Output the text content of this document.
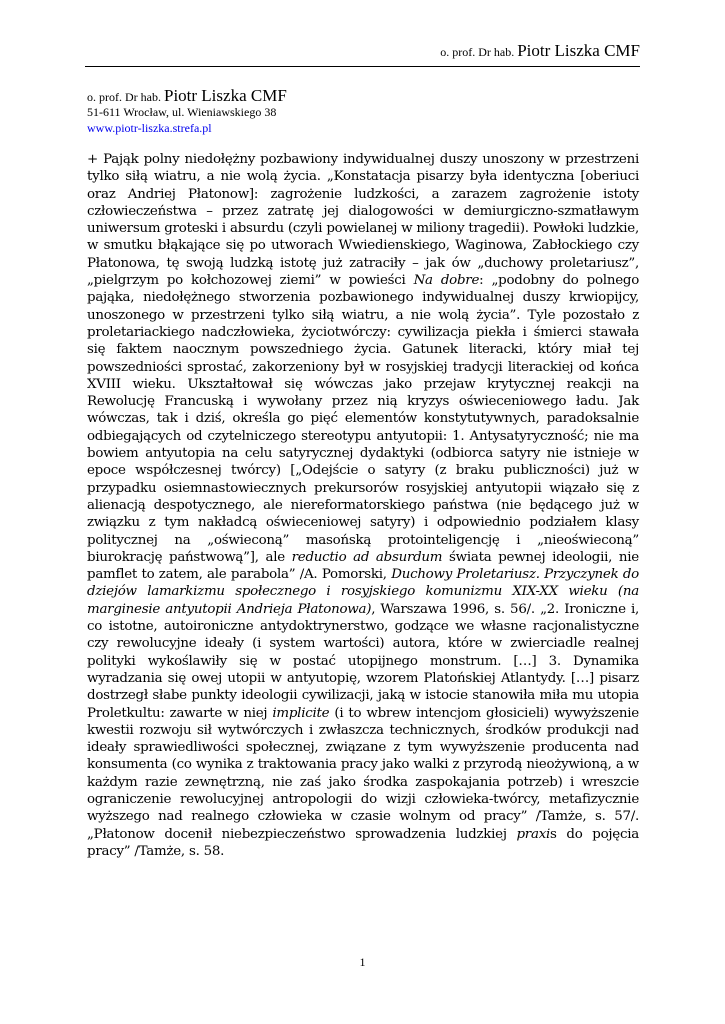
o. prof. Dr hab. Piotr Liszka CMF
o. prof. Dr hab. Piotr Liszka CMF
51-611 Wrocław, ul. Wieniawskiego 38
www.piotr-liszka.strefa.pl

+ Pająk polny niedołężny pozbawiony indywidualnej duszy unoszony w przestrzeni tylko siłą wiatru, a nie wolą życia. „Konstatacja pisarzy była identyczna [oberiuci oraz Andriej Płatonow]: zagrożenie ludzkości, a zarazem zagrożenie istoty człowieczeństwa – przez zatratę jej dialogowości w demiurgiczno-szmatławym uniwersum groteski i absurdu (czyli powielanej w miliony tragedii). Powłoki ludzkie, w smutku błąkające się po utworach Wwiedienskiego, Waginowa, Zabłockiego czy Płatonowa, tę swoją ludzką istotę już zatraciły – jak ów „duchowy proletariusz”, „pielgrzym po kołchozowej ziemi” w powieści Na dobre: „podobny do polnego pająka, niedołężnego stworzenia pozbawionego indywidualnej duszy krwiopijcy, unoszonego w przestrzeni tylko siłą wiatru, a nie wolą życia”. Tyle pozostało z proletariackiego nadczłowieka, życiotwórczy: cywilizacja piekła i śmierci stawała się faktem naocznym powszedniego życia. Gatunek literacki, który miał tej powszedniości sprostać, zakorzeniony był w rosyjskiej tradycji literackiej od końca XVIII wieku. Ukształtował się wówczas jako przejaw krytycznej reakcji na Rewolucję Francuską i wywołany przez nią kryzys oświeceniowego ładu. Jak wówczas, tak i dziś, określa go pięć elementów konstytutywnych, paradoksalnie odbiegających od czytelniczego stereotypu antyutopii: 1. Antysatyryczność; nie ma bowiem antyutopia na celu satyrycznej dydaktyki (odbiorca satyry nie istnieje w epoce współczesnej twórcy) [„Odejście o satyry (z braku publiczności) już w przypadku osiemnastowiecznych prekursorów rosyjskiej antyutopii wiązało się z alienacją despotycznego, ale niereformatorskiego państwa (nie będącego już w związku z tym nakładcą oświeceniowej satyry) i odpowiednio podziałem klasy politycznej na „oświeconą” masońską protointeligencję i „nieoświeconą” biurokrację państwową”], ale reductio ad absurdum świata pewnej ideologii, nie pamflet to zatem, ale parabola” /A. Pomorski, Duchowy Proletariusz. Przyczynek do dziejów lamarkizmu społecznego i rosyjskiego komunizmu XIX-XX wieku (na marginesie antyutopii Andrieja Płatonowa), Warszawa 1996, s. 56/. „2. Ironiczne i, co istotne, autoironiczne antydoktrynerstwo, godzące we własne racjonalistyczne czy rewolucyjne ideały (i system wartości) autora, które w zwierciadle realnej polityki wykoślawiły się w postać utopijnego monstrum. […] 3. Dynamika wyradzania się owej utopii w antyutopię, wzorem Platońskiej Atlantydy. […] pisarz dostrzegł słabe punkty ideologii cywilizacji, jaką w istocie stanowiła miła mu utopia Proletkultu: zawarte w niej implicite (i to wbrew intencjom głosicieli) wywyższenie kwestii rozwoju sił wytwórczych i zwłaszcza technicznych, środków produkcji nad ideały sprawiedliwości społecznej, związane z tym wywyższenie producenta nad konsumenta (co wynika z traktowania pracy jako walki z przyrodą nieożywioną, a w każdym razie zewnętrzną, nie zaś jako środka zaspokajania potrzeb) i wreszcie ograniczenie rewolucyjnej antropologii do wizji człowieka-twórcy, metafizycznie wyższego nad realnego człowieka w czasie wolnym od pracy” /Tamże, s. 57/. „Płatonow docenił niebezpieczeństwo sprowadzenia ludzkiej praxis do pojęcia pracy” /Tamże, s. 58.

1
